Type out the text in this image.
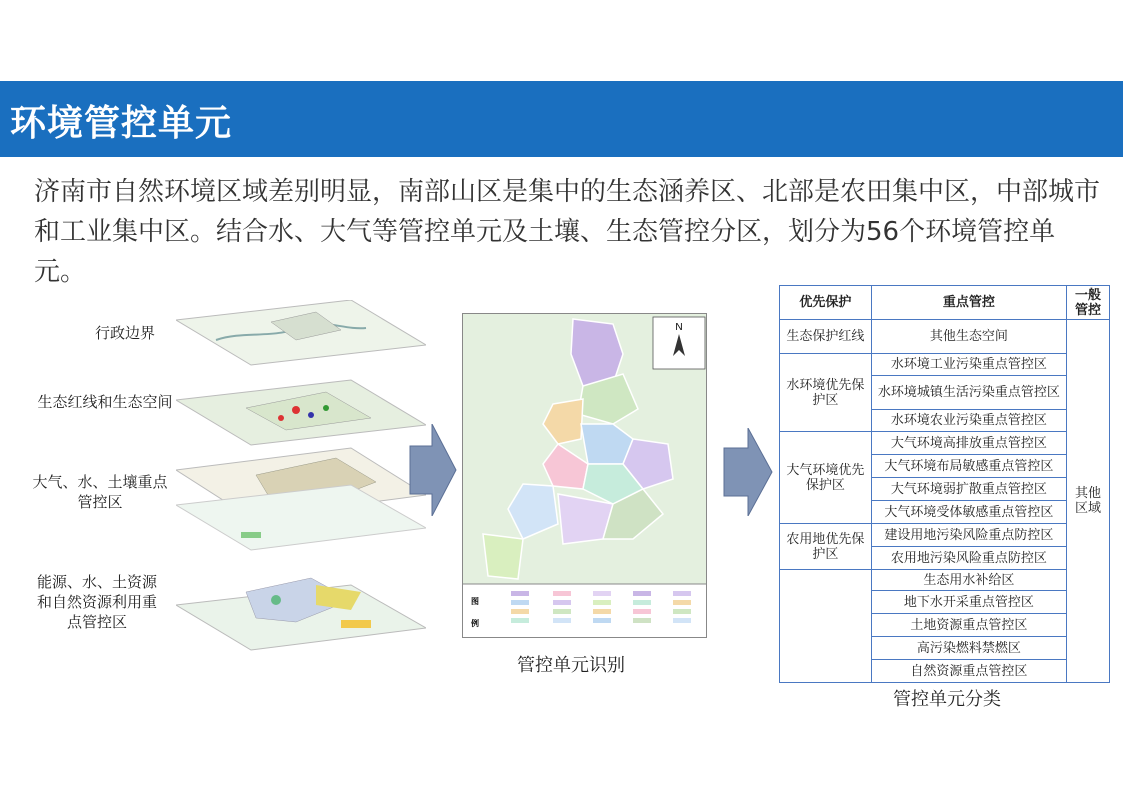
环境管控单元

济南市自然环境区域差别明显，南部山区是集中的生态涵养区、北部是农田集中区，中部城市和工业集中区。结合水、大气等管控单元及土壤、生态管控分区，划分为56个环境管控单元。

行政边界
生态红线和生态空间
大气、水、土壤重点
管控区
能源、水、土资源
和自然资源利用重
点管控区
N
图
例
管控单元识别
优先保护	重点管控	一般
管控

生态保护红线	其他生态空间	其他
区域

水环境优先保护区	水环境工业污染重点管控区	
	水环境城镇生活污染重点管控区	
	水环境农业污染重点管控区	
大气环境优先保护区	大气环境高排放重点管控区	
	大气环境布局敏感重点管控区	
	大气环境弱扩散重点管控区	
	大气环境受体敏感重点管控区	
农用地优先保护区	建设用地污染风险重点防控区	
	农用地污染风险重点防控区	
	生态用水补给区	
	地下水开采重点管控区	
	土地资源重点管控区	
	高污染燃料禁燃区	
	自然资源重点管控区	
管控单元分类
